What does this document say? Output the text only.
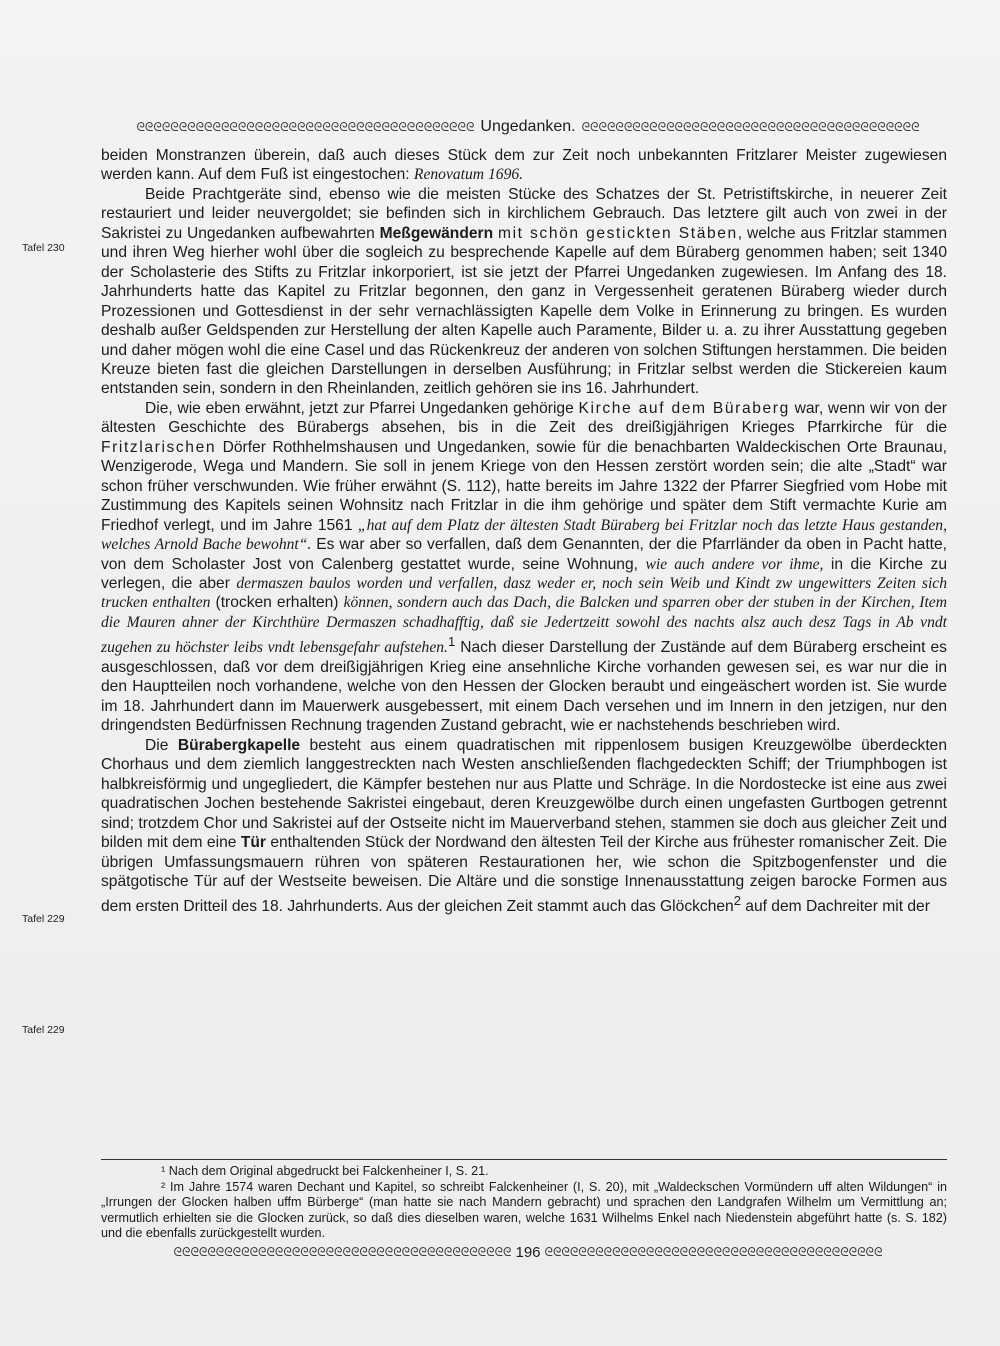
ᘓᘓᘓᘓᘓᘓᘓᘓᘓᘓᘓᘓᘓᘓᘓᘓᘓᘓᘓᘓᘓᘓᘓᘓᘓᘓᘓᘓᘓᘓᘓᘓᘓᘓᘓᘓᘓᘓᘓᘓ Ungedanken. ᘓᘓᘓᘓᘓᘓᘓᘓᘓᘓᘓᘓᘓᘓᘓᘓᘓᘓᘓᘓᘓᘓᘓᘓᘓᘓᘓᘓᘓᘓᘓᘓᘓᘓᘓᘓᘓᘓᘓᘓ
Tafel 230
Tafel 229
Tafel 229

beiden Monstranzen überein, daß auch dieses Stück dem zur Zeit noch unbekannten Fritzlarer Meister zugewiesen werden kann. Auf dem Fuß ist eingestochen: Renovatum 1696.

Beide Prachtgeräte sind, ebenso wie die meisten Stücke des Schatzes der St. Petristiftskirche, in neuerer Zeit restauriert und leider neuvergoldet; sie befinden sich in kirchlichem Gebrauch. Das letztere gilt auch von zwei in der Sakristei zu Ungedanken aufbewahrten Meßgewändern mit schön gestickten Stäben, welche aus Fritzlar stammen und ihren Weg hierher wohl über die sogleich zu besprechende Kapelle auf dem Büraberg genommen haben; seit 1340 der Scholasterie des Stifts zu Fritzlar inkorporiert, ist sie jetzt der Pfarrei Ungedanken zugewiesen. Im Anfang des 18. Jahrhunderts hatte das Kapitel zu Fritzlar begonnen, den ganz in Vergessenheit geratenen Büraberg wieder durch Prozessionen und Gottesdienst in der sehr vernachlässigten Kapelle dem Volke in Erinnerung zu bringen. Es wurden deshalb außer Geldspenden zur Herstellung der alten Kapelle auch Paramente, Bilder u. a. zu ihrer Ausstattung gegeben und daher mögen wohl die eine Casel und das Rückenkreuz der anderen von solchen Stiftungen herstammen. Die beiden Kreuze bieten fast die gleichen Darstellungen in derselben Ausführung; in Fritzlar selbst werden die Stickereien kaum entstanden sein, sondern in den Rheinlanden, zeitlich gehören sie ins 16. Jahrhundert.

Die, wie eben erwähnt, jetzt zur Pfarrei Ungedanken gehörige Kirche auf dem Büraberg war, wenn wir von der ältesten Geschichte des Bürabergs absehen, bis in die Zeit des dreißigjährigen Krieges Pfarrkirche für die Fritzlarischen Dörfer Rothhelmshausen und Ungedanken, sowie für die benachbarten Waldeckischen Orte Braunau, Wenzigerode, Wega und Mandern. Sie soll in jenem Kriege von den Hessen zerstört worden sein; die alte „Stadt“ war schon früher verschwunden. Wie früher erwähnt (S. 112), hatte bereits im Jahre 1322 der Pfarrer Siegfried vom Hobe mit Zustimmung des Kapitels seinen Wohnsitz nach Fritzlar in die ihm gehörige und später dem Stift vermachte Kurie am Friedhof verlegt, und im Jahre 1561 „hat auf dem Platz der ältesten Stadt Büraberg bei Fritzlar noch das letzte Haus gestanden, welches Arnold Bache bewohnt“. Es war aber so verfallen, daß dem Genannten, der die Pfarrländer da oben in Pacht hatte, von dem Scholaster Jost von Calenberg gestattet wurde, seine Wohnung, wie auch andere vor ihme, in die Kirche zu verlegen, die aber dermaszen baulos worden und verfallen, dasz weder er, noch sein Weib und Kindt zw ungewitters Zeiten sich trucken enthalten (trocken erhalten) können, sondern auch das Dach, die Balcken und sparren ober der stuben in der Kirchen, Item die Mauren ahner der Kirchthüre Dermaszen schadhafftig, daß sie Jedertzeitt sowohl des nachts alsz auch desz Tags in Ab vndt zugehen zu höchster leibs vndt lebensgefahr aufstehen.$^1$ Nach dieser Darstellung der Zustände auf dem Büraberg erscheint es ausgeschlossen, daß vor dem dreißigjährigen Krieg eine ansehnliche Kirche vorhanden gewesen sei, es war nur die in den Hauptteilen noch vorhandene, welche von den Hessen der Glocken beraubt und eingeäschert worden ist. Sie wurde im 18. Jahrhundert dann im Mauerwerk ausgebessert, mit einem Dach versehen und im Innern in den jetzigen, nur den dringendsten Bedürfnissen Rechnung tragenden Zustand gebracht, wie er nachstehends beschrieben wird.

Die Bürabergkapelle besteht aus einem quadratischen mit rippenlosem busigen Kreuzgewölbe überdeckten Chorhaus und dem ziemlich langgestreckten nach Westen anschließenden flachgedeckten Schiff; der Triumphbogen ist halbkreisförmig und ungegliedert, die Kämpfer bestehen nur aus Platte und Schräge. In die Nordostecke ist eine aus zwei quadratischen Jochen bestehende Sakristei eingebaut, deren Kreuzgewölbe durch einen ungefasten Gurtbogen getrennt sind; trotzdem Chor und Sakristei auf der Ostseite nicht im Mauerverband stehen, stammen sie doch aus gleicher Zeit und bilden mit dem eine Tür enthaltenden Stück der Nordwand den ältesten Teil der Kirche aus frühester romanischer Zeit. Die übrigen Umfassungsmauern rühren von späteren Restaurationen her, wie schon die Spitzbogenfenster und die spätgotische Tür auf der Westseite beweisen. Die Altäre und die sonstige Innenausstattung zeigen barocke Formen aus dem ersten Dritteil des 18. Jahrhunderts. Aus der gleichen Zeit stammt auch das Glöckchen$^2$ auf dem Dachreiter mit der

¹ Nach dem Original abgedruckt bei Falckenheiner I, S. 21.

² Im Jahre 1574 waren Dechant und Kapitel, so schreibt Falckenheiner (I, S. 20), mit „Waldeckschen Vormündern uff alten Wildungen“ in „Irrungen der Glocken halben uffm Bürberge“ (man hatte sie nach Mandern gebracht) und sprachen den Landgrafen Wilhelm um Vermittlung an; vermutlich erhielten sie die Glocken zurück, so daß dies dieselben waren, welche 1631 Wilhelms Enkel nach Niedenstein abgeführt hatte (s. S. 182) und die ebenfalls zurückgestellt wurden.

ᘓᘓᘓᘓᘓᘓᘓᘓᘓᘓᘓᘓᘓᘓᘓᘓᘓᘓᘓᘓᘓᘓᘓᘓᘓᘓᘓᘓᘓᘓᘓᘓᘓᘓᘓᘓᘓᘓᘓᘓ 196 ᘓᘓᘓᘓᘓᘓᘓᘓᘓᘓᘓᘓᘓᘓᘓᘓᘓᘓᘓᘓᘓᘓᘓᘓᘓᘓᘓᘓᘓᘓᘓᘓᘓᘓᘓᘓᘓᘓᘓᘓ
